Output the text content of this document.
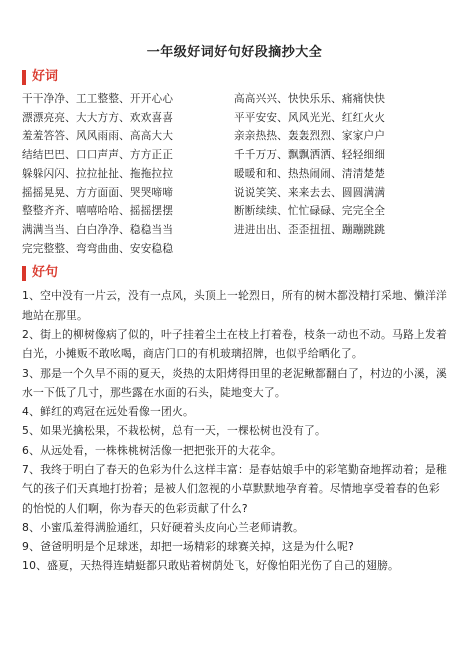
一年级好词好句好段摘抄大全
好词
干干净净、工工整整、开开心心
漂漂亮亮、大大方方、欢欢喜喜
羞羞答答、风风雨雨、高高大大
结结巴巴、口口声声、方方正正
躲躲闪闪、拉拉扯扯、拖拖拉拉
摇摇晃晃、方方面面、哭哭啼啼
整整齐齐、嘻嘻哈哈、摇摇摆摆
满满当当、白白净净、稳稳当当
完完整整、弯弯曲曲、安安稳稳
高高兴兴、快快乐乐、痛痛快快
平平安安、风风光光、红红火火
亲亲热热、轰轰烈烈、家家户户
千千万万、飘飘洒洒、轻轻细细
暖暖和和、热热闹闹、清清楚楚
说说笑笑、来来去去、圆圆满满
断断续续、忙忙碌碌、完完全全
进进出出、歪歪扭扭、蹦蹦跳跳
好句

1、空中没有一片云，没有一点风，头顶上一轮烈日，所有的树木都没精打采地、懒洋洋地站在那里。

2、街上的柳树像病了似的，叶子挂着尘土在枝上打着卷，枝条一动也不动。马路上发着白光，小摊贩不敢吆喝，商店门口的有机玻璃招牌，也似乎给晒化了。

3、那是一个久旱不雨的夏天，炎热的太阳烤得田里的老泥鳅都翻白了，村边的小溪，溪水一下低了几寸，那些露在水面的石头，陡地变大了。

4、鲜红的鸡冠在远处看像一团火。

5、如果光擒松果，不栽松树，总有一天，一棵松树也没有了。

6、从远处看，一株株桃树活像一把把张开的大花伞。

7、我终于明白了春天的色彩为什么这样丰富：是春姑娘手中的彩笔勤奋地挥动着；是稚气的孩子们天真地打扮着；是被人们忽视的小草默默地孕育着。尽情地享受着春的色彩的怡悦的人们啊，你为春天的色彩贡献了什么?

8、小蜜瓜羞得满脸通红，只好硬着头皮向心兰老师请教。

9、爸爸明明是个足球迷，却把一场精彩的球赛关掉，这是为什么呢?

10、盛夏，天热得连蜻蜓都只敢贴着树荫处飞，好像怕阳光伤了自己的翅膀。
